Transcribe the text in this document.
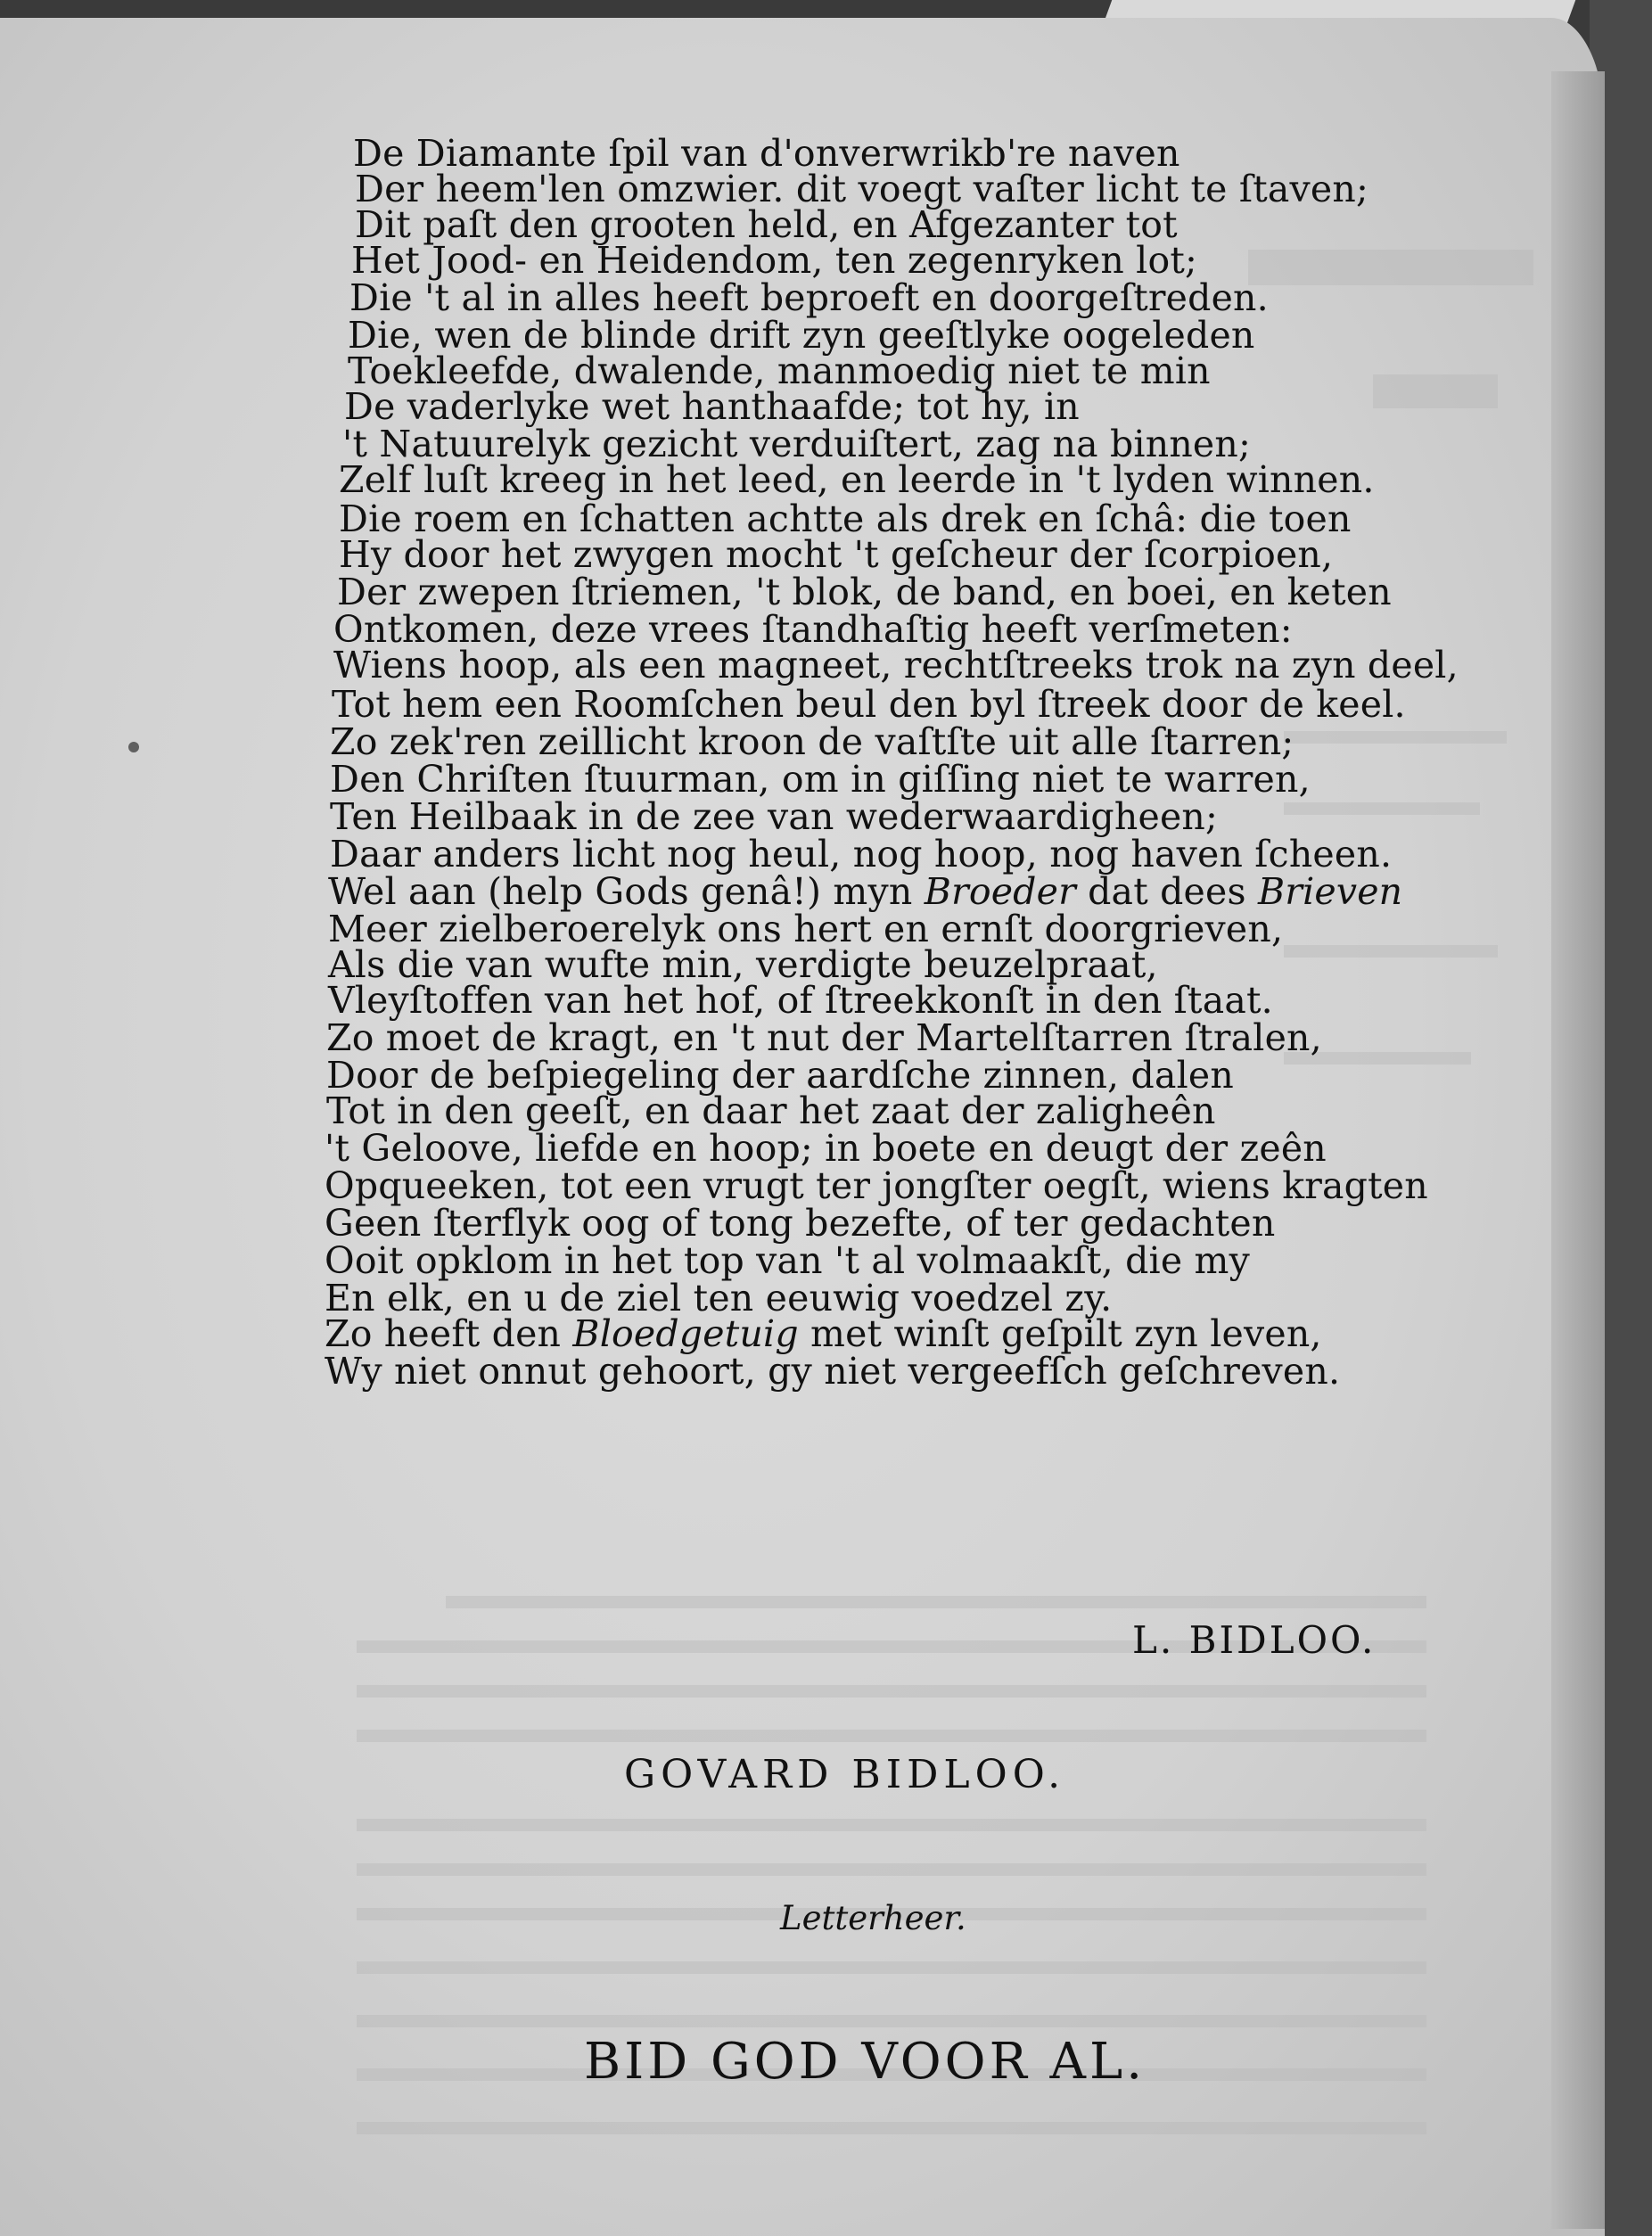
De Diamante ſpil van d'onverwrikb're naven
Der heem'len omzwier. dit voegt vaſter licht te ſtaven;
Dit paſt den grooten held, en Afgezanter tot
Het Jood- en Heidendom, ten zegenryken lot;
Die 't al in alles heeft beproeft en doorgeſtreden.
Die, wen de blinde drift zyn geeſtlyke oogeleden
Toekleefde, dwalende, manmoedig niet te min
De vaderlyke wet hanthaafde; tot hy, in
't Natuurelyk gezicht verduiſtert, zag na binnen;
Zelf luſt kreeg in het leed, en leerde in 't lyden winnen.
Die roem en ſchatten achtte als drek en ſchâ: die toen
Hy door het zwygen mocht 't geſcheur der ſcorpioen,
Der zwepen ſtriemen, 't blok, de band, en boei, en keten
Ontkomen, deze vrees ſtandhaſtig heeft verſmeten:
Wiens hoop, als een magneet, rechtſtreeks trok na zyn deel,
Tot hem een Roomſchen beul den byl ſtreek door de keel.
Zo zek'ren zeillicht kroon de vaſtſte uit alle ſtarren;
Den Chriſten ſtuurman, om in giſſing niet te warren,
Ten Heilbaak in de zee van wederwaardigheen;
Daar anders licht nog heul, nog hoop, nog haven ſcheen.
Wel aan (help Gods genâ!) myn Broeder dat dees Brieven
Meer zielberoerelyk ons hert en ernſt doorgrieven,
Als die van wufte min, verdigte beuzelpraat,
Vleyſtoffen van het hof, of ſtreekkonſt in den ſtaat.
Zo moet de kragt, en 't nut der Martelſtarren ſtralen,
Door de beſpiegeling der aardſche zinnen, dalen
Tot in den geeſt, en daar het zaat der zaligheên
't Geloove, liefde en hoop; in boete en deugt der zeên
Opqueeken, tot een vrugt ter jongſter oegſt, wiens kragten
Geen ſterflyk oog of tong bezefte, of ter gedachten
Ooit opklom in het top van 't al volmaakſt, die my
En elk, en u de ziel ten eeuwig voedzel zy.
Zo heeft den Bloedgetuig met winſt geſpilt zyn leven,
Wy niet onnut gehoort, gy niet vergeefſch geſchreven.
L. BIDLOO.
GOVARD BIDLOO.
Letterheer.
BID GOD VOOR AL.
